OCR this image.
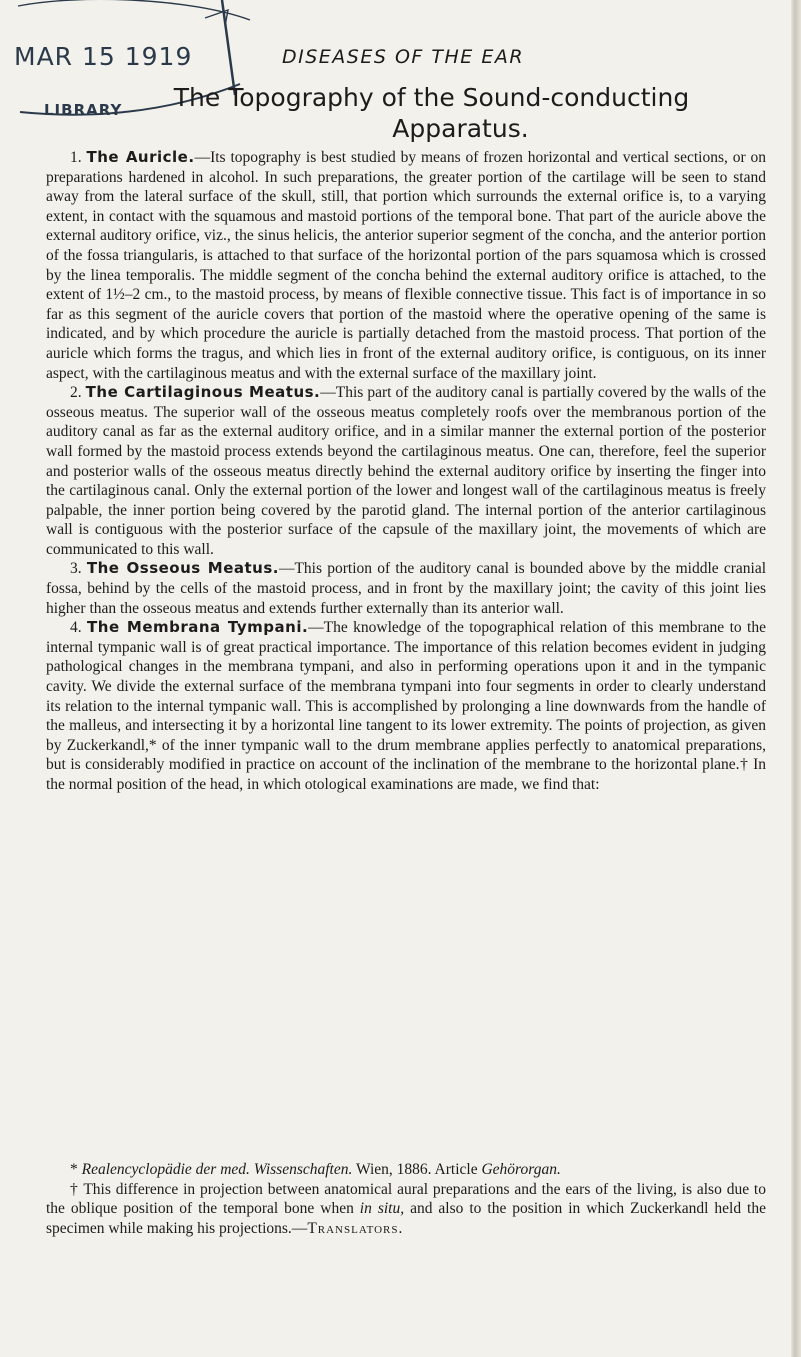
MAR 15 1919
LIBRARY
DISEASES OF THE EAR
The Topography of the Sound-conducting
Apparatus.

1. The Auricle.—Its topography is best studied by means of frozen horizontal and vertical sections, or on preparations hardened in alcohol. In such preparations, the greater portion of the cartilage will be seen to stand away from the lateral surface of the skull, still, that portion which surrounds the external orifice is, to a varying extent, in contact with the squamous and mastoid portions of the temporal bone. That part of the auricle above the external auditory orifice, viz., the sinus helicis, the anterior superior segment of the concha, and the anterior portion of the fossa triangularis, is attached to that surface of the horizontal portion of the pars squamosa which is crossed by the linea temporalis. The middle segment of the concha behind the external auditory orifice is attached, to the extent of 1½–2 cm., to the mastoid process, by means of flexible connective tissue. This fact is of importance in so far as this segment of the auricle covers that portion of the mastoid where the operative opening of the same is indicated, and by which procedure the auricle is partially detached from the mastoid process. That portion of the auricle which forms the tragus, and which lies in front of the external auditory orifice, is contiguous, on its inner aspect, with the cartilaginous meatus and with the external surface of the maxillary joint.

2. The Cartilaginous Meatus.—This part of the auditory canal is partially covered by the walls of the osseous meatus. The superior wall of the osseous meatus completely roofs over the membranous portion of the auditory canal as far as the external auditory orifice, and in a similar manner the external portion of the posterior wall formed by the mastoid process extends beyond the cartilaginous meatus. One can, therefore, feel the superior and posterior walls of the osseous meatus directly behind the external auditory orifice by inserting the finger into the cartilaginous canal. Only the external portion of the lower and longest wall of the cartilaginous meatus is freely palpable, the inner portion being covered by the parotid gland. The internal portion of the anterior cartilaginous wall is contiguous with the posterior surface of the capsule of the maxillary joint, the movements of which are communicated to this wall.

3. The Osseous Meatus.—This portion of the auditory canal is bounded above by the middle cranial fossa, behind by the cells of the mastoid process, and in front by the maxillary joint; the cavity of this joint lies higher than the osseous meatus and extends further externally than its anterior wall.

4. The Membrana Tympani.—The knowledge of the topographical relation of this membrane to the internal tympanic wall is of great practical importance. The importance of this relation becomes evident in judging pathological changes in the membrana tympani, and also in performing operations upon it and in the tympanic cavity. We divide the external surface of the membrana tympani into four segments in order to clearly understand its relation to the internal tympanic wall. This is accomplished by prolonging a line downwards from the handle of the malleus, and intersecting it by a horizontal line tangent to its lower extremity. The points of projection, as given by Zuckerkandl,* of the inner tympanic wall to the drum membrane applies perfectly to anatomical preparations, but is considerably modified in practice on account of the inclination of the membrane to the horizontal plane.† In the normal position of the head, in which otological examinations are made, we find that:

* Realencyclopädie der med. Wissenschaften. Wien, 1886. Article Gehörorgan.

† This difference in projection between anatomical aural preparations and the ears of the living, is also due to the oblique position of the temporal bone when in situ, and also to the position in which Zuckerkandl held the specimen while making his projections.—Translators.
